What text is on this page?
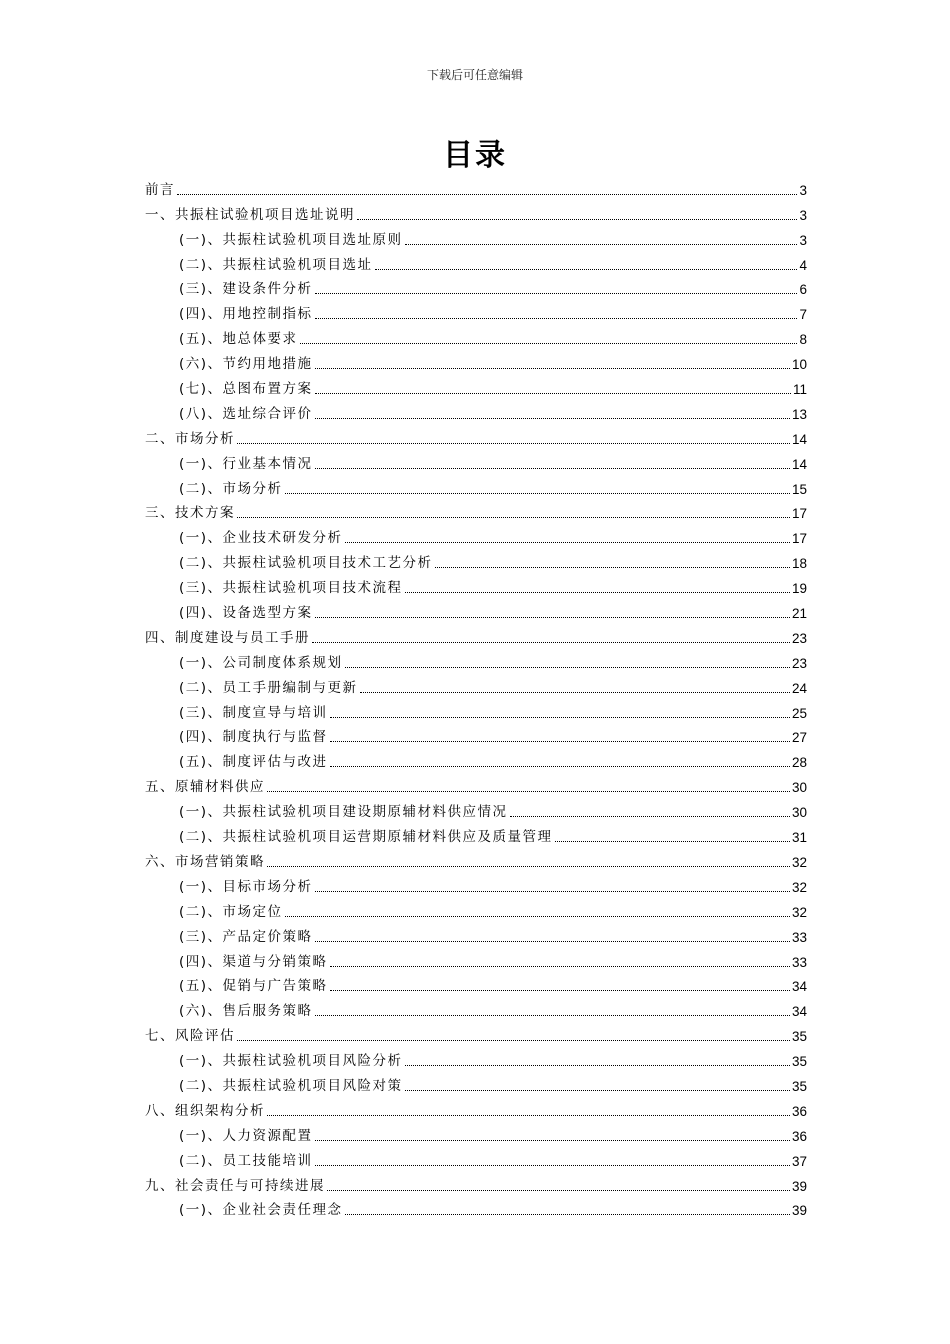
下载后可任意编辑
目录
前言	3
一、共振柱试验机项目选址说明	3
(一)、共振柱试验机项目选址原则	3
(二)、共振柱试验机项目选址	4
(三)、建设条件分析	6
(四)、用地控制指标	7
(五)、地总体要求	8
(六)、节约用地措施	10
(七)、总图布置方案	11
(八)、选址综合评价	13
二、市场分析	14
(一)、行业基本情况	14
(二)、市场分析	15
三、技术方案	17
(一)、企业技术研发分析	17
(二)、共振柱试验机项目技术工艺分析	18
(三)、共振柱试验机项目技术流程	19
(四)、设备选型方案	21
四、制度建设与员工手册	23
(一)、公司制度体系规划	23
(二)、员工手册编制与更新	24
(三)、制度宣导与培训	25
(四)、制度执行与监督	27
(五)、制度评估与改进	28
五、原辅材料供应	30
(一)、共振柱试验机项目建设期原辅材料供应情况	30
(二)、共振柱试验机项目运营期原辅材料供应及质量管理	31
六、市场营销策略	32
(一)、目标市场分析	32
(二)、市场定位	32
(三)、产品定价策略	33
(四)、渠道与分销策略	33
(五)、促销与广告策略	34
(六)、售后服务策略	34
七、风险评估	35
(一)、共振柱试验机项目风险分析	35
(二)、共振柱试验机项目风险对策	35
八、组织架构分析	36
(一)、人力资源配置	36
(二)、员工技能培训	37
九、社会责任与可持续进展	39
(一)、企业社会责任理念	39
